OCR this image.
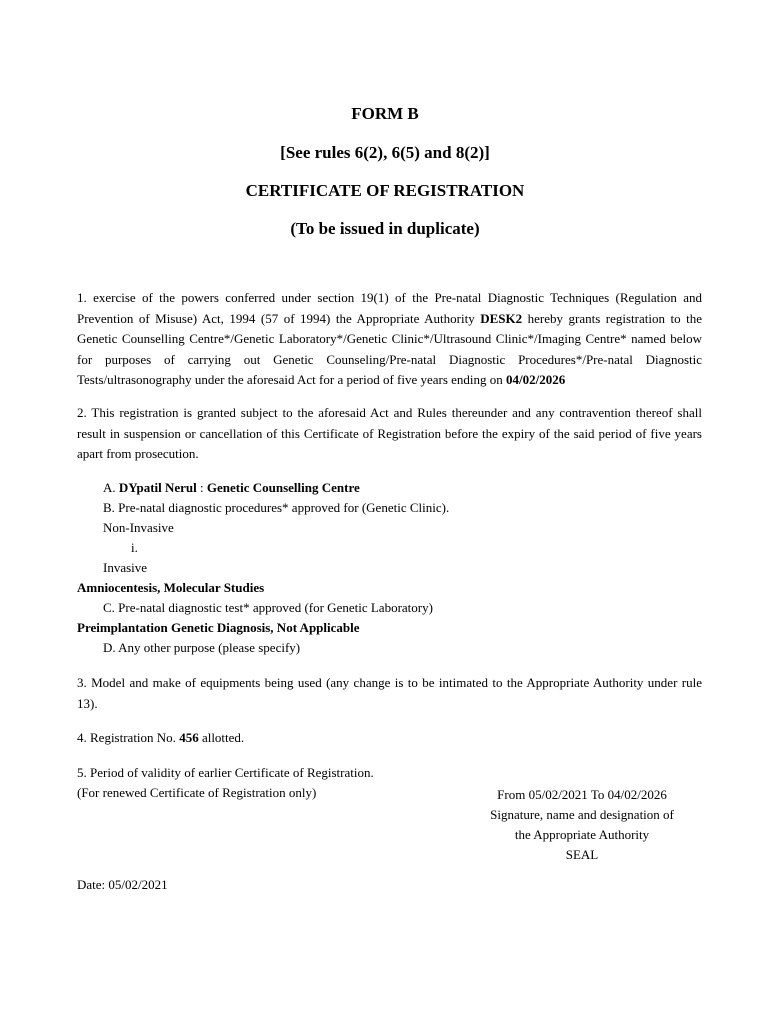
FORM B
[See rules 6(2), 6(5) and 8(2)]
CERTIFICATE OF REGISTRATION
(To be issued in duplicate)
1. exercise of the powers conferred under section 19(1) of the Pre-natal Diagnostic Techniques (Regulation and
Prevention of Misuse) Act, 1994 (57 of 1994) the Appropriate Authority DESK2 hereby grants registration to the
Genetic Counselling Centre*/Genetic Laboratory*/Genetic Clinic*/Ultrasound Clinic*/Imaging Centre* named below
for purposes of carrying out Genetic Counseling/Pre-natal Diagnostic Procedures*/Pre-natal Diagnostic
Tests/ultrasonography under the aforesaid Act for a period of five years ending on 04/02/2026
2. This registration is granted subject to the aforesaid Act and Rules thereunder and any contravention thereof shall
result in suspension or cancellation of this Certificate of Registration before the expiry of the said period of five years
apart from prosecution.
A. DYpatil Nerul : Genetic Counselling Centre
B. Pre-natal diagnostic procedures* approved for (Genetic Clinic).
Non-Invasive
i.
Invasive
Amniocentesis, Molecular Studies
C. Pre-natal diagnostic test* approved (for Genetic Laboratory)
Preimplantation Genetic Diagnosis, Not Applicable
D. Any other purpose (please specify)
3. Model and make of equipments being used (any change is to be intimated to the Appropriate Authority under rule
13).
4. Registration No. 456 allotted.
5. Period of validity of earlier Certificate of Registration.
(For renewed Certificate of Registration only)	From 05/02/2021 To 04/02/2026
Signature, name and designation of
the Appropriate Authority
SEAL
Date: 05/02/2021
